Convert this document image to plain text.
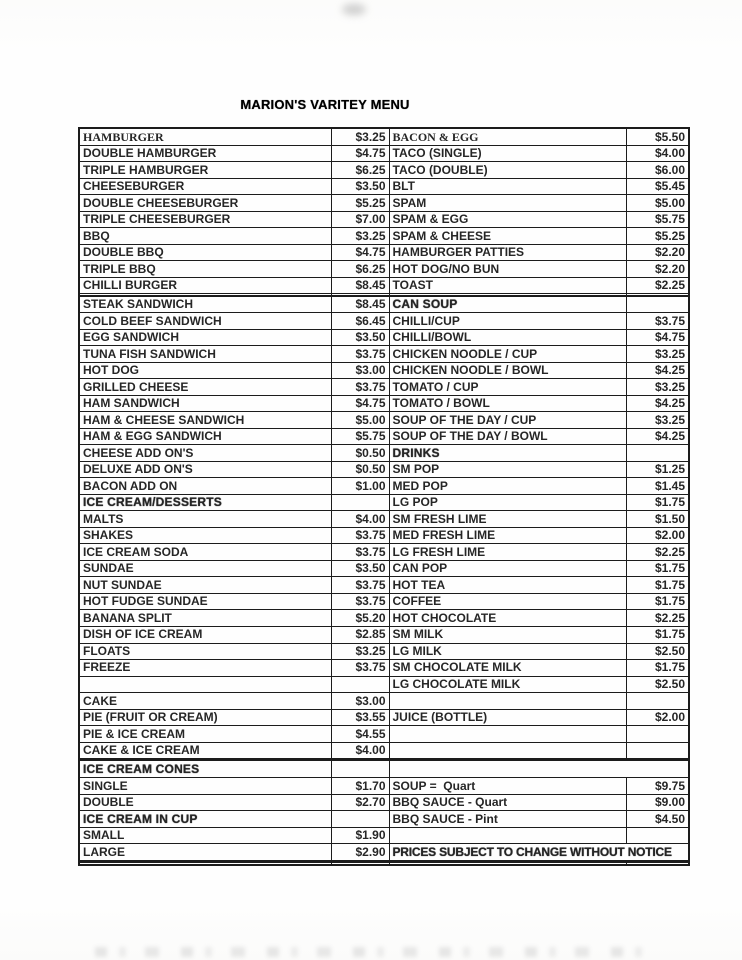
MARION'S VARITEY MENU
HAMBURGER	$3.25	BACON & EGG	$5.50
DOUBLE HAMBURGER	$4.75	TACO (SINGLE)	$4.00
TRIPLE HAMBURGER	$6.25	TACO (DOUBLE)	$6.00
CHEESEBURGER	$3.50	BLT	$5.45
DOUBLE CHEESEBURGER	$5.25	SPAM	$5.00
TRIPLE CHEESEBURGER	$7.00	SPAM & EGG	$5.75
BBQ	$3.25	SPAM & CHEESE	$5.25
DOUBLE BBQ	$4.75	HAMBURGER PATTIES	$2.20
TRIPLE BBQ	$6.25	HOT DOG/NO BUN	$2.20
CHILLI BURGER	$8.45	TOAST	$2.25

STEAK SANDWICH	$8.45	CAN SOUP	
COLD BEEF SANDWICH	$6.45	CHILLI/CUP	$3.75
EGG SANDWICH	$3.50	CHILLI/BOWL	$4.75
TUNA FISH SANDWICH	$3.75	CHICKEN NOODLE / CUP	$3.25
HOT DOG	$3.00	CHICKEN NOODLE / BOWL	$4.25
GRILLED CHEESE	$3.75	TOMATO / CUP	$3.25
HAM SANDWICH	$4.75	TOMATO / BOWL	$4.25
HAM & CHEESE SANDWICH	$5.00	SOUP OF THE DAY / CUP	$3.25
HAM & EGG SANDWICH	$5.75	SOUP OF THE DAY / BOWL	$4.25
CHEESE ADD ON'S	$0.50	DRINKS	
DELUXE ADD ON'S	$0.50	SM POP	$1.25
BACON ADD ON	$1.00	MED POP	$1.45
ICE CREAM/DESSERTS		LG POP	$1.75
MALTS	$4.00	SM FRESH LIME	$1.50
SHAKES	$3.75	MED FRESH LIME	$2.00
ICE CREAM SODA	$3.75	LG FRESH LIME	$2.25
SUNDAE	$3.50	CAN POP	$1.75
NUT SUNDAE	$3.75	HOT TEA	$1.75
HOT FUDGE SUNDAE	$3.75	COFFEE	$1.75
BANANA SPLIT	$5.20	HOT CHOCOLATE	$2.25
DISH OF ICE CREAM	$2.85	SM MILK	$1.75
FLOATS	$3.25	LG MILK	$2.50
FREEZE	$3.75	SM CHOCOLATE MILK	$1.75
		LG CHOCOLATE MILK	$2.50
CAKE	$3.00		
PIE (FRUIT OR CREAM)	$3.55	JUICE (BOTTLE)	$2.00
PIE & ICE CREAM	$4.55		
CAKE & ICE CREAM	$4.00		

ICE CREAM CONES			
SINGLE	$1.70	SOUP =  Quart	$9.75
DOUBLE	$2.70	BBQ SAUCE - Quart	$9.00
ICE CREAM IN CUP		BBQ SAUCE - Pint	$4.50
SMALL	$1.90		
LARGE	$2.90	PRICES SUBJECT TO CHANGE WITHOUT NOTICE	
